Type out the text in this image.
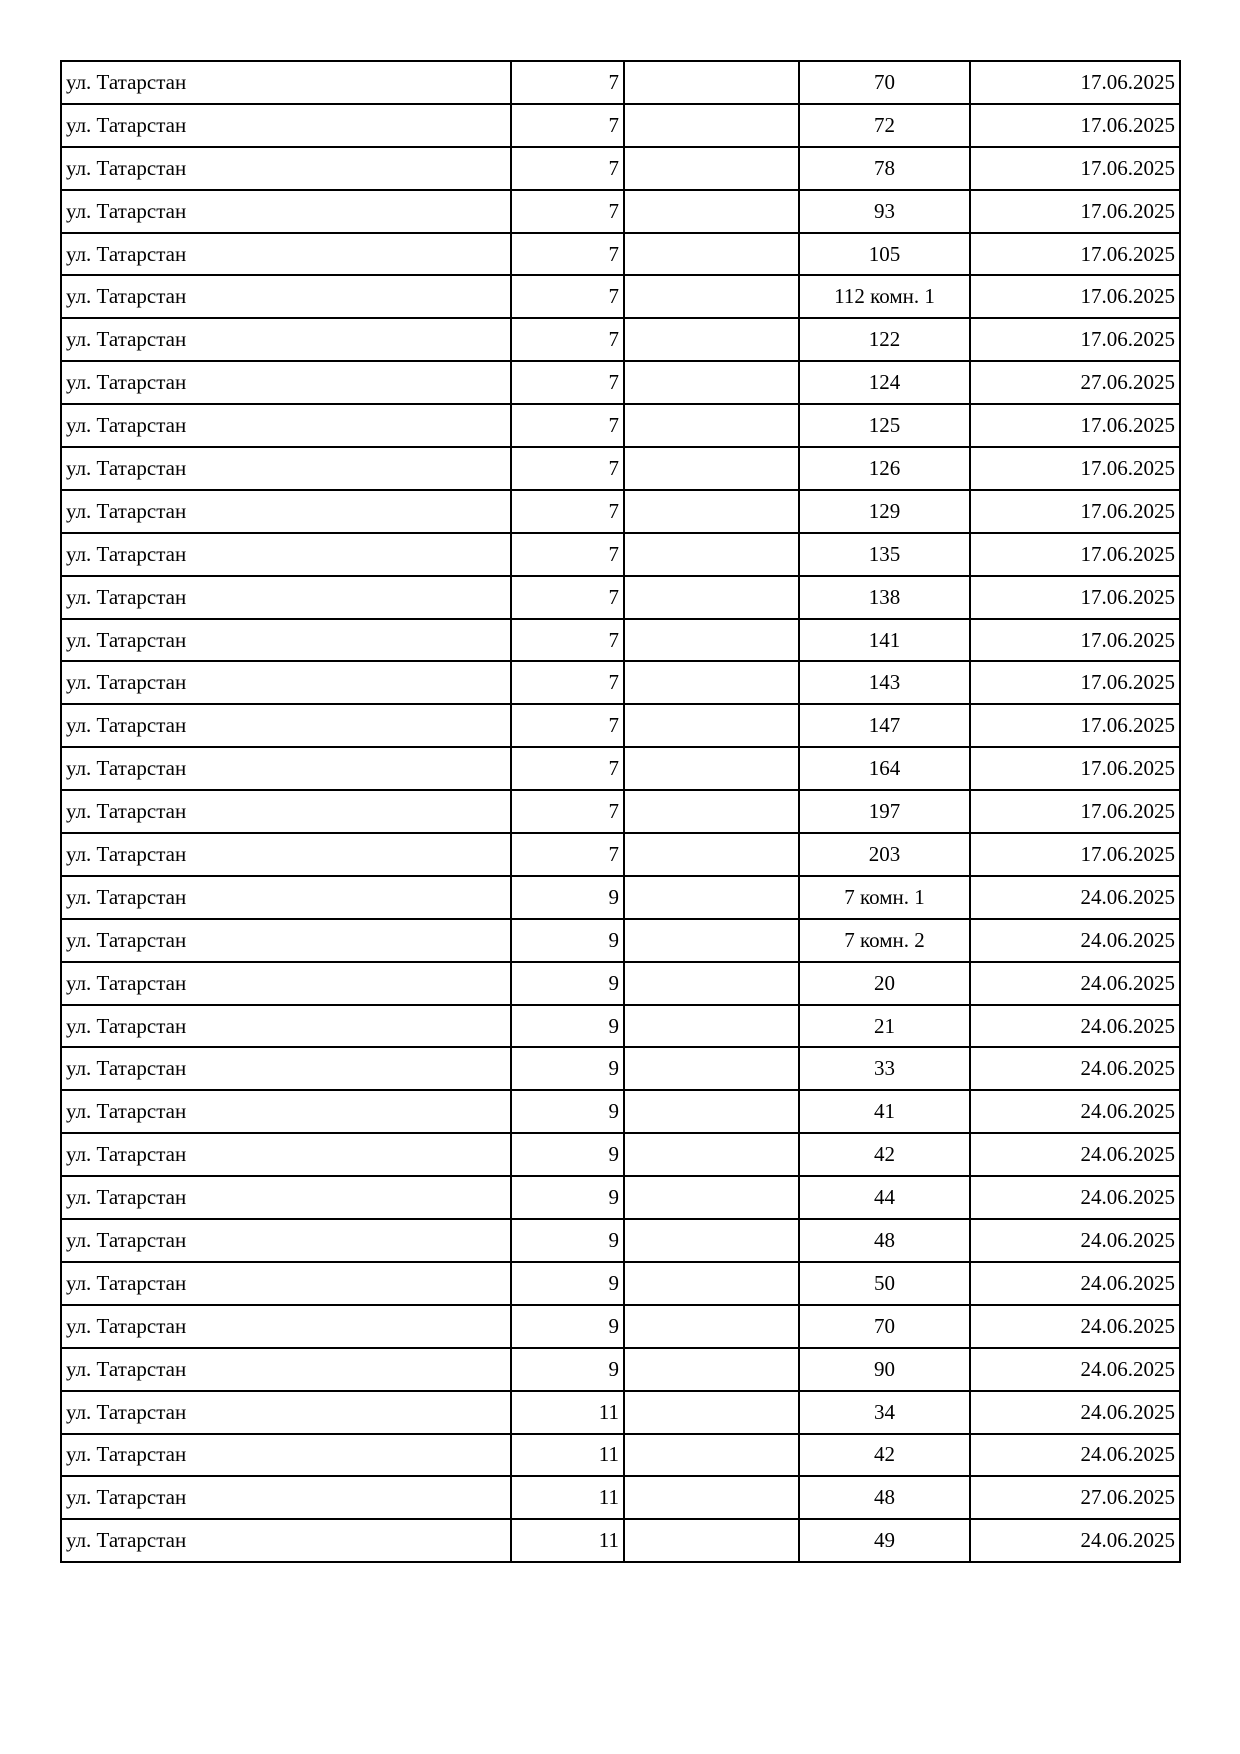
ул. Татарстан	7		70	17.06.2025
ул. Татарстан	7		72	17.06.2025
ул. Татарстан	7		78	17.06.2025
ул. Татарстан	7		93	17.06.2025
ул. Татарстан	7		105	17.06.2025
ул. Татарстан	7		112 комн. 1	17.06.2025
ул. Татарстан	7		122	17.06.2025
ул. Татарстан	7		124	27.06.2025
ул. Татарстан	7		125	17.06.2025
ул. Татарстан	7		126	17.06.2025
ул. Татарстан	7		129	17.06.2025
ул. Татарстан	7		135	17.06.2025
ул. Татарстан	7		138	17.06.2025
ул. Татарстан	7		141	17.06.2025
ул. Татарстан	7		143	17.06.2025
ул. Татарстан	7		147	17.06.2025
ул. Татарстан	7		164	17.06.2025
ул. Татарстан	7		197	17.06.2025
ул. Татарстан	7		203	17.06.2025
ул. Татарстан	9		7 комн. 1	24.06.2025
ул. Татарстан	9		7 комн. 2	24.06.2025
ул. Татарстан	9		20	24.06.2025
ул. Татарстан	9		21	24.06.2025
ул. Татарстан	9		33	24.06.2025
ул. Татарстан	9		41	24.06.2025
ул. Татарстан	9		42	24.06.2025
ул. Татарстан	9		44	24.06.2025
ул. Татарстан	9		48	24.06.2025
ул. Татарстан	9		50	24.06.2025
ул. Татарстан	9		70	24.06.2025
ул. Татарстан	9		90	24.06.2025
ул. Татарстан	11		34	24.06.2025
ул. Татарстан	11		42	24.06.2025
ул. Татарстан	11		48	27.06.2025
ул. Татарстан	11		49	24.06.2025
